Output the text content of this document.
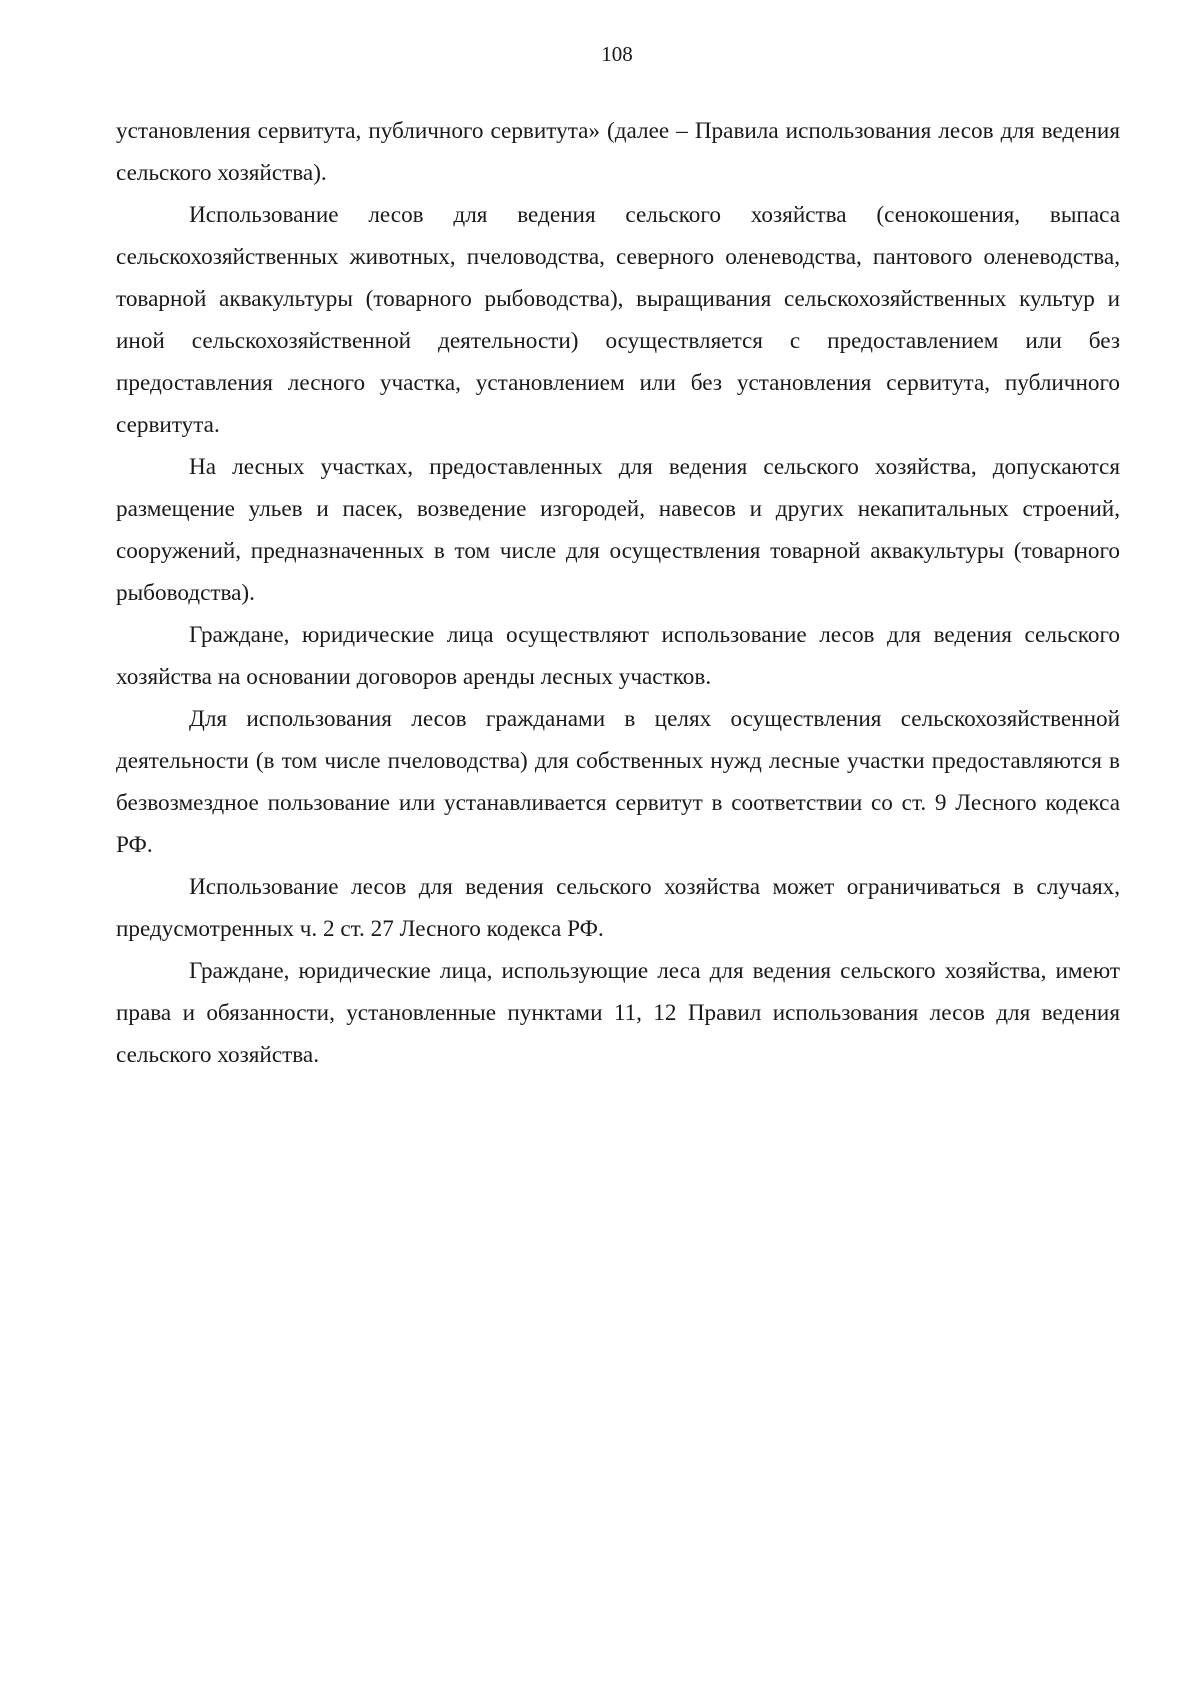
108

установления сервитута, публичного сервитута» (далее – Правила использования лесов для ведения сельского хозяйства).

Использование лесов для ведения сельского хозяйства (сенокошения, выпаса сельскохозяйственных животных, пчеловодства, северного оленеводства, пантового оленеводства, товарной аквакультуры (товарного рыбоводства), выращивания сельскохозяйственных культур и иной сельскохозяйственной деятельности) осуществляется с предоставлением или без предоставления лесного участка, установлением или без установления сервитута, публичного сервитута.

На лесных участках, предоставленных для ведения сельского хозяйства, допускаются размещение ульев и пасек, возведение изгородей, навесов и других некапитальных строений, сооружений, предназначенных в том числе для осуществления товарной аквакультуры (товарного рыбоводства).

Граждане, юридические лица осуществляют использование лесов для ведения сельского хозяйства на основании договоров аренды лесных участков.

Для использования лесов гражданами в целях осуществления сельскохозяйственной деятельности (в том числе пчеловодства) для собственных нужд лесные участки предоставляются в безвозмездное пользование или устанавливается сервитут в соответствии со ст. 9 Лесного кодекса РФ.

Использование лесов для ведения сельского хозяйства может ограничиваться в случаях, предусмотренных ч. 2 ст. 27 Лесного кодекса РФ.

Граждане, юридические лица, использующие леса для ведения сельского хозяйства, имеют права и обязанности, установленные пунктами 11, 12 Правил использования лесов для ведения сельского хозяйства.
